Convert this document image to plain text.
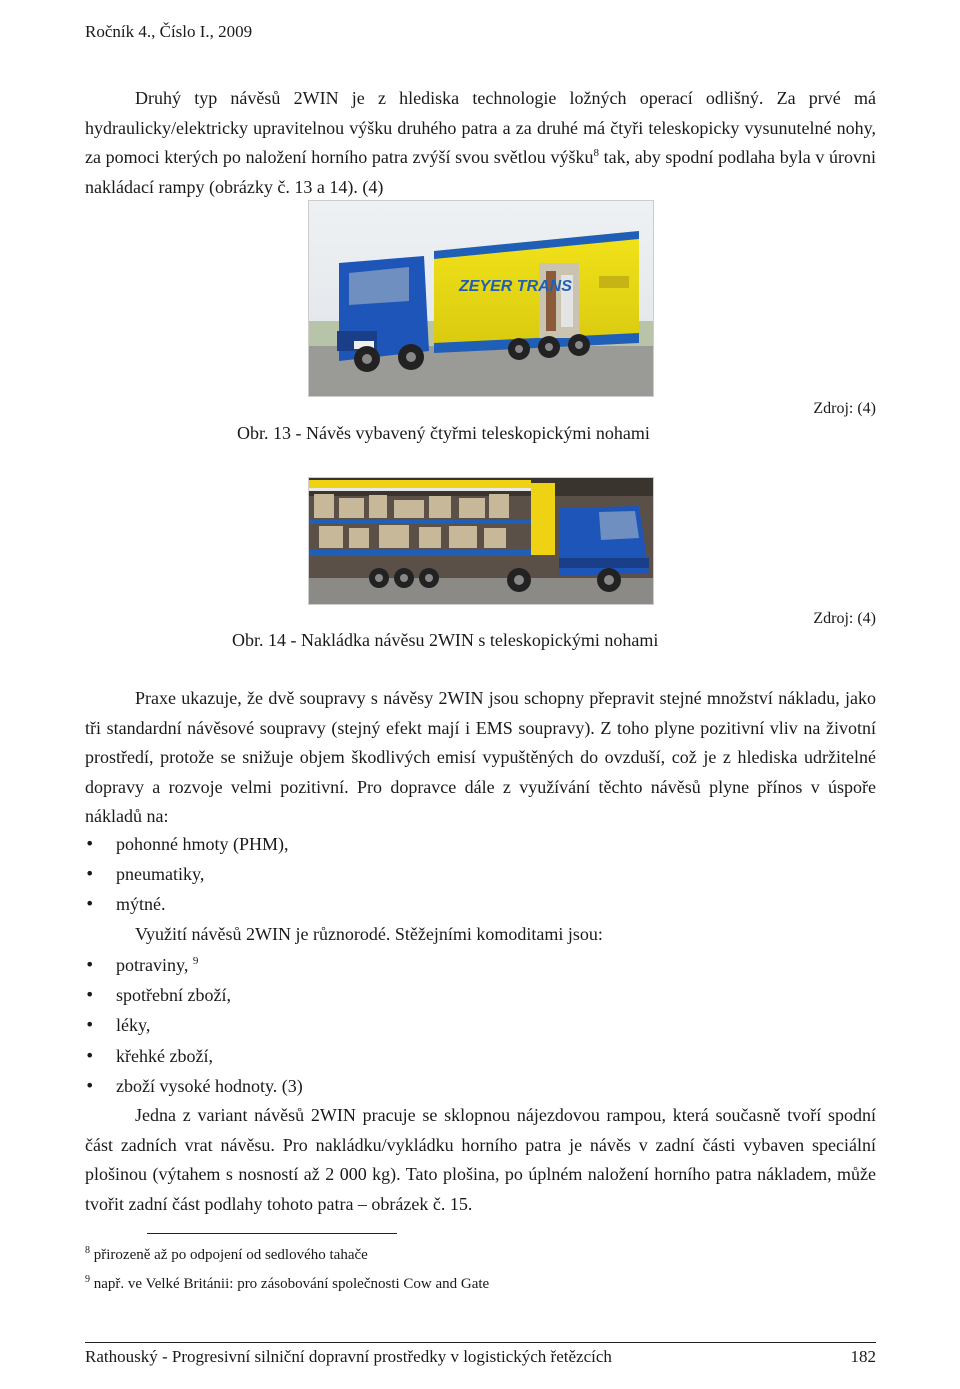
Ročník 4., Číslo I., 2009
Druhý typ návěsů 2WIN je z hlediska technologie ložných operací odlišný. Za prvé má hydraulicky/elektricky upravitelnou výšku druhého patra a za druhé má čtyři teleskopicky vysunutelné nohy, za pomoci kterých po naložení horního patra zvýší svou světlou výšku$^8$ tak, aby spodní podlaha byla v úrovni nakládací rampy (obrázky č. 13 a 14). (4)
ZEYER TRANS
Zdroj: (4)
Obr. 13 - Návěs vybavený čtyřmi teleskopickými nohami
Zdroj: (4)
Obr. 14 - Nakládka návěsu 2WIN s teleskopickými nohami
Praxe ukazuje, že dvě soupravy s návěsy 2WIN jsou schopny přepravit stejné množství nákladu, jako tři standardní návěsové soupravy (stejný efekt mají i EMS soupravy). Z toho plyne pozitivní vliv na životní prostředí, protože se snižuje objem škodlivých emisí vypuštěných do ovzduší, což je z hlediska udržitelné dopravy a rozvoje velmi pozitivní. Pro dopravce dále z využívání těchto návěsů plyne přínos v úspoře nákladů na:
• pohonné hmoty (PHM),
• pneumatiky,
• mýtné.
Využití návěsů 2WIN je různorodé. Stěžejními komoditami jsou:
• potraviny, $^9$
• spotřební zboží,
• léky,
• křehké zboží,
• zboží vysoké hodnoty. (3)
Jedna z variant návěsů 2WIN pracuje se sklopnou nájezdovou rampou, která současně tvoří spodní část zadních vrat návěsu. Pro nakládku/vykládku horního patra je návěs v zadní části vybaven speciální plošinou (výtahem s nosností až 2 000 kg). Tato plošina, po úplném naložení horního patra nákladem, může tvořit zadní část podlahy tohoto patra – obrázek č. 15.
$^8$ přirozeně až po odpojení od sedlového tahače
$^9$ např. ve Velké Británii: pro zásobování společnosti Cow and Gate
Rathouský - Progresivní silniční dopravní prostředky v logistických řetězcích	182
